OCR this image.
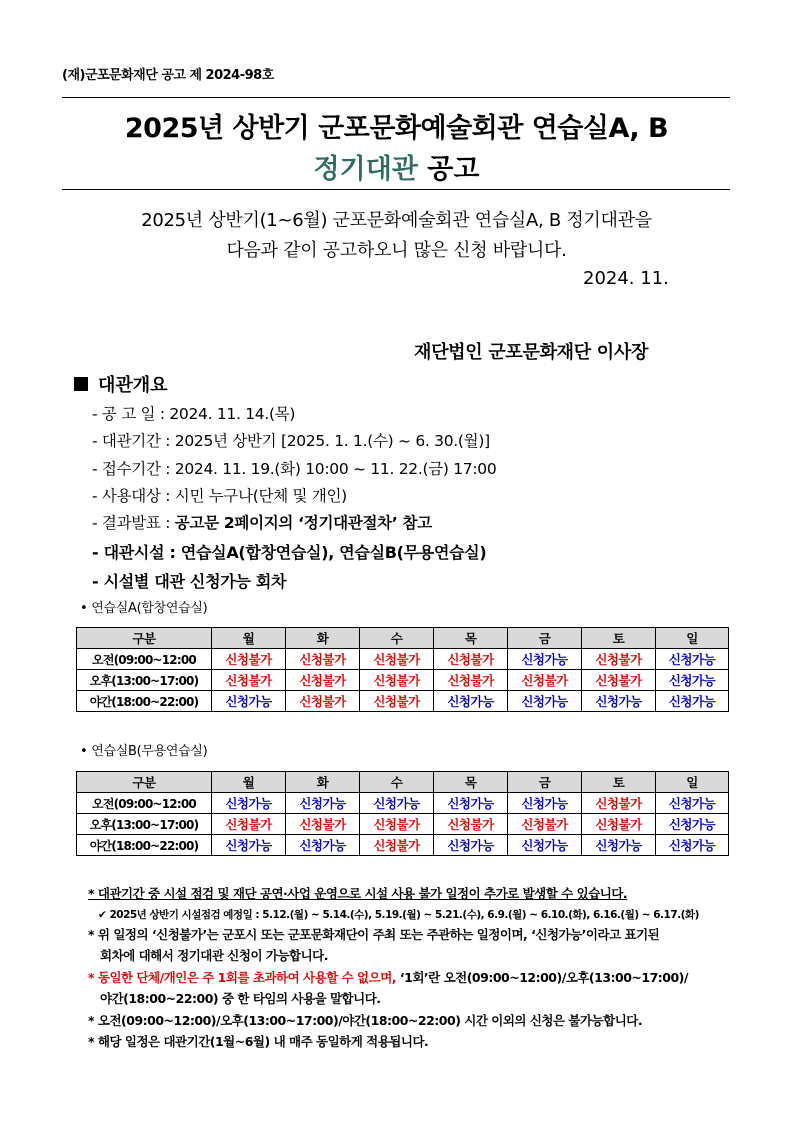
(재)군포문화재단 공고 제 2024-98호
2025년 상반기 군포문화예술회관 연습실A, B
정기대관 공고
2025년 상반기(1~6월) 군포문화예술회관 연습실A, B 정기대관을
다음과 같이 공고하오니 많은 신청 바랍니다.
2024. 11.
재단법인 군포문화재단 이사장
대관개요
- 공 고 일 : 2024. 11. 14.(목)
- 대관기간 : 2025년 상반기 [2025. 1. 1.(수) ~ 6. 30.(월)]
- 접수기간 : 2024. 11. 19.(화) 10:00 ~ 11. 22.(금) 17:00
- 사용대상 : 시민 누구나(단체 및 개인)
- 결과발표 : 공고문 2페이지의 ‘정기대관절차’ 참고
- 대관시설 : 연습실A(합창연습실), 연습실B(무용연습실)
- 시설별 대관 신청가능 회차
• 연습실A(합창연습실)
구분	월	화	수	목	금	토	일
오전(09:00~12:00	신청불가	신청불가	신청불가	신청불가	신청가능	신청불가	신청가능
오후(13:00~17:00)	신청불가	신청불가	신청불가	신청불가	신청불가	신청불가	신청가능
야간(18:00~22:00)	신청가능	신청불가	신청불가	신청가능	신청가능	신청가능	신청가능
• 연습실B(무용연습실)
구분	월	화	수	목	금	토	일
오전(09:00~12:00	신청가능	신청가능	신청가능	신청가능	신청가능	신청불가	신청가능
오후(13:00~17:00)	신청불가	신청불가	신청불가	신청불가	신청불가	신청불가	신청가능
야간(18:00~22:00)	신청가능	신청가능	신청불가	신청가능	신청가능	신청가능	신청가능
* 대관기간 중 시설 점검 및 재단 공연·사업 운영으로 시설 사용 불가 일정이 추가로 발생할 수 있습니다.
✔ 2025년 상반기 시설점검 예정일 : 5.12.(월) ~ 5.14.(수), 5.19.(월) ~ 5.21.(수), 6.9.(월) ~ 6.10.(화), 6.16.(월) ~ 6.17.(화)
* 위 일정의 ‘신청불가’는 군포시 또는 군포문화재단이 주최 또는 주관하는 일정이며, ‘신청가능’이라고 표기된
회차에 대해서 정기대관 신청이 가능합니다.
* 동일한 단체/개인은 주 1회를 초과하여 사용할 수 없으며, ‘1회’란 오전(09:00~12:00)/오후(13:00~17:00)/
야간(18:00~22:00) 중 한 타임의 사용을 말합니다.
* 오전(09:00~12:00)/오후(13:00~17:00)/야간(18:00~22:00) 시간 이외의 신청은 불가능합니다.
* 해당 일정은 대관기간(1월~6월) 내 매주 동일하게 적용됩니다.
